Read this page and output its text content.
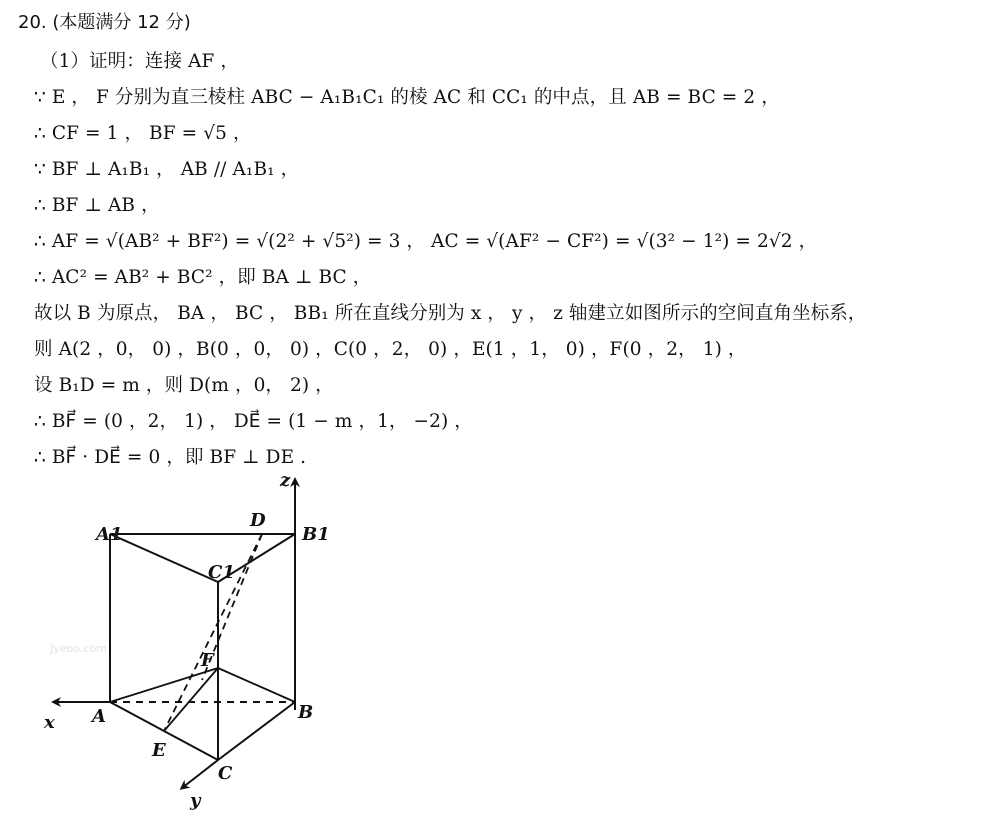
20. (本题满分 12 分)
（1）证明：连接 AF ，
∵ E ， F 分别为直三棱柱 ABC − A₁B₁C₁ 的棱 AC 和 CC₁ 的中点，且 AB = BC = 2 ，
∴ CF = 1 ， BF = √5 ，
∵ BF ⊥ A₁B₁ ， AB // A₁B₁ ，
∴ BF ⊥ AB ，
∴ AF = √(AB² + BF²) = √(2² + √5²) = 3 ， AC = √(AF² − CF²) = √(3² − 1²) = 2√2 ，
∴ AC² = AB² + BC² ，即 BA ⊥ BC ，
故以 B 为原点， BA ， BC ， BB₁ 所在直线分别为 x ， y ， z 轴建立如图所示的空间直角坐标系，
则 A(2 ，0， 0) ，B(0 ，0， 0) ，C(0 ，2， 0) ，E(1 ，1， 0) ，F(0 ，2， 1) ，
设 B₁D = m ，则 D(m ，0， 2) ，
∴ BF⃗ = (0 ，2， 1) ， DE⃗ = (1 − m ，1， −2) ，
∴ BF⃗ · DE⃗ = 0 ，即 BF ⊥ DE .
Jyeoo.com
A1	B1
C1
D
F
A	B
C
E
x
y
z
